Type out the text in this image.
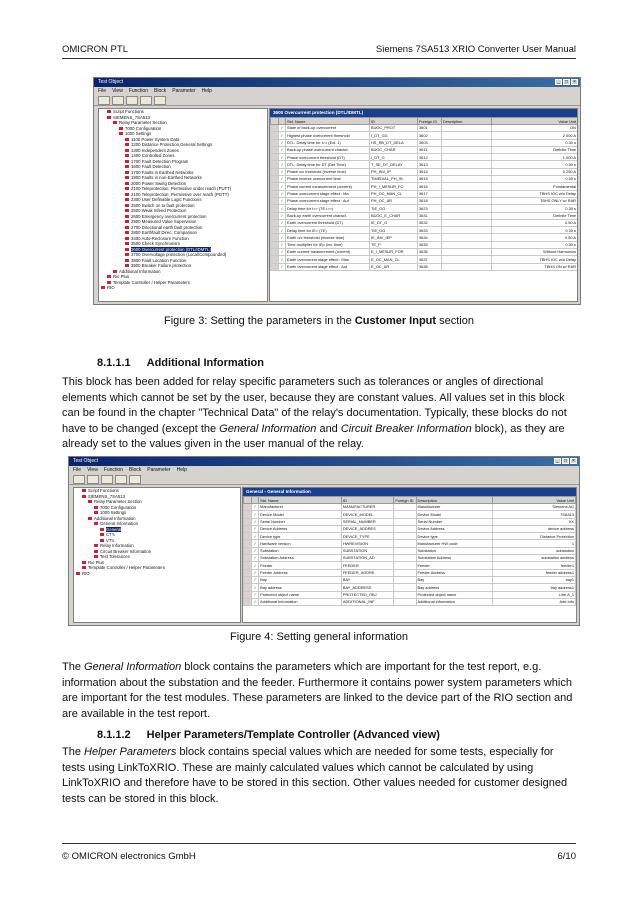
OMICRON PTL	Siemens 7SA513 XRIO Converter User Manual
Test Object	_	□	×
File View Function Block Parameter Help
Script Functions
SIEMENS_7SA513
Relay Parameter Section
7000 Configuration
1000 Settings
1100 Power System Data
1200 Distance Protection,General Settings
1300 Independent Zones
1400 Controlled Zones
1700 Fault Detection Program
1600 Fault Detection
1700 Faults in Earthed Networks
1800 Faults in non-Earthed Networks
2000 Power Swing Detection
2100 Teleprotection: Permissive under reach (PUTT)
2100 Teleprotection: Permissive over reach (POTT)
2300 User Definable Logic Functions
2500 Switch on to fault protection
2500 Weak Infeed Protection
2600 Emergency overcurrent protection
2900 Measured Value Supervision
2700 Directional earth fault protection
2800 Earthfault Direc. Comparison
3400 Auto-Reclosure Function
3500 Check Synchronism
3600 Overcurrent protection (DTL/IDMTL)
3700 Overvoltage protection (Local/Compounded)
3800 Fault Location Function
3900 Breaker Failure protection
Additional Information
Rio Plus
Template Controller / Helper Parameters
RIO
3600 Overcurrent protection (DTL/IDMTL)
		Std. Name	ID	Foreign ID	Description	Value Unit
	✓	State of back-up overcurrent	BUOC_PROT	3601		ON
	✓	Highest phase overcurrent threshold	I_DT_GG	3602		2.000 A
	✓	DTL: Delay time for I>> (Ext. 1)	HS_RB_DT_DELA	3603		0.30 s
	✓	Back-up phase overcurrent charact.	BUOC_CHAR	3611		Definite Time
	✓	Phase overcurrent threshold (DT)	I_DT_G	3612		1.000 A
	✓	DTL: Delay time for DT (Def Time)	T_SE_DT_DELAY	3613		0.50 s
	✓	Phase o/c threshold (inverse time)	PH_INV_IP	3614		0.250 A
	✓	Phase inverse overcurrent time	TIMEDIAL_PH_IN	3615		0.50 s
	✓	Phase current measurement (current)	PH_I_MESUR_FO	3616		Fundamental
	✓	Phase overcurrent stage effect : Ma	PH_OC_MAN_CL	3617		TBHS IOC w/o Delay
	✓	Phase overcurrent stage effect : Aut	PH_OC_AR	3618		TBHS ONLY w/ RAR
	✓	Delay time for I>> (TE.I>>)	TIE_GG	3623		0.30 s
	✓	Back-up earth overcurrent charact.	BUOC_E_CHAR	3631		Definite Time
	✓	Earth overcurrent threshold (DT)	IE_DT_G	3632		0.50 A
	✓	Delay time for IE> (TE)	TIE_GG	3633		0.30 s
	✓	Earth o/c threshold (inverse time)	IE_INV_IEP	3634		0.50 A
	✓	Time multiplier for IEp (inv. time)	TE_P	3635		0.50 s
	✓	Earth current measurement (current)	E_I_MESUR_FOR	3636		Without Harmonics
	✓	Earth overcurrent stage effect : Man	E_OC_MAN_CL	3637		TBHS IOC w/o Delay
	✓	Earth overcurrent stage effect : Aut	E_OC_AR	3638		TBHS ON w/ RAR
Figure 3: Setting the parameters in the Customer Input section
8.1.1.1 Additional Information
This block has been added for relay specific parameters such as tolerances or angles of directional elements which cannot be set by the user, because they are constant values. All values set in this block can be found in the chapter "Technical Data" of the relay's documentation. Typically, these blocks do not have to be changed (except the General Information and Circuit Breaker Information block), as they are already set to the values given in the user manual of the relay.
Test Object	_	□	×
File View Function Block Parameter Help
Script Functions
SIEMENS_7SA513
Relay Parameter Section
7000 Configuration
1000 Settings
Additional Information
General Information
General
CT's
VT's
Relay Information
Circuit Breaker Information
Test Tolerances
Rio Plus
Template Controller / Helper Parameters
RIO
General - General Information
		Std. Name	ID	Foreign ID	Description	Value Unit
	✓	Manufacturer	MANUFACTURER		Manufacturer	Siemens AG
	✓	Device Model	DEVICE_MODEL		Device Model	7SA513
	✓	Serial Number	SERIAL_NUMBER		Serial Number	XX
	✓	Device Address	DEVICE_ADDRES		Device Address	device address
	✓	Device type	DEVICE_TYPE		Device type	Distance Protection
	✓	Hardware version	HWREVISION		Manufacturer HW code	1
	✓	Substation	SUBSTATION		Substation	substation
	✓	Substation Address	SUBSTATION_AD		Substation Address	substation address
	✓	Feeder	FEEDER		Feeder	feeder1
	✓	Feeder Address	FEEDER_ADDRE		Feeder Address	feeder address1
	✓	Bay	BAY		Bay	bay1
	✓	Bay address	BAY_ADDRESS		Bay address	bay address1
	✓	Protected object name	PROTECTED_OBJ		Protected object name	Line A_1
	✓	Additional information	ADDITIONAL_INF		Additional information	Add Info
Figure 4: Setting general information
The General Information block contains the parameters which are important for the test report, e.g. information about the substation and the feeder. Furthermore it contains power system parameters which are important for the test modules. These parameters are linked to the device part of the RIO section and are available in the test report.
8.1.1.2 Helper Parameters/Template Controller (Advanced view)
The Helper Parameters block contains special values which are needed for some tests, especially for tests using LinkToXRIO. These are mainly calculated values which cannot be calculated by using LinkToXRIO and therefore have to be stored in this section. Other values needed for customer designed tests can be stored in this block.
© OMICRON electronics GmbH	6/10
